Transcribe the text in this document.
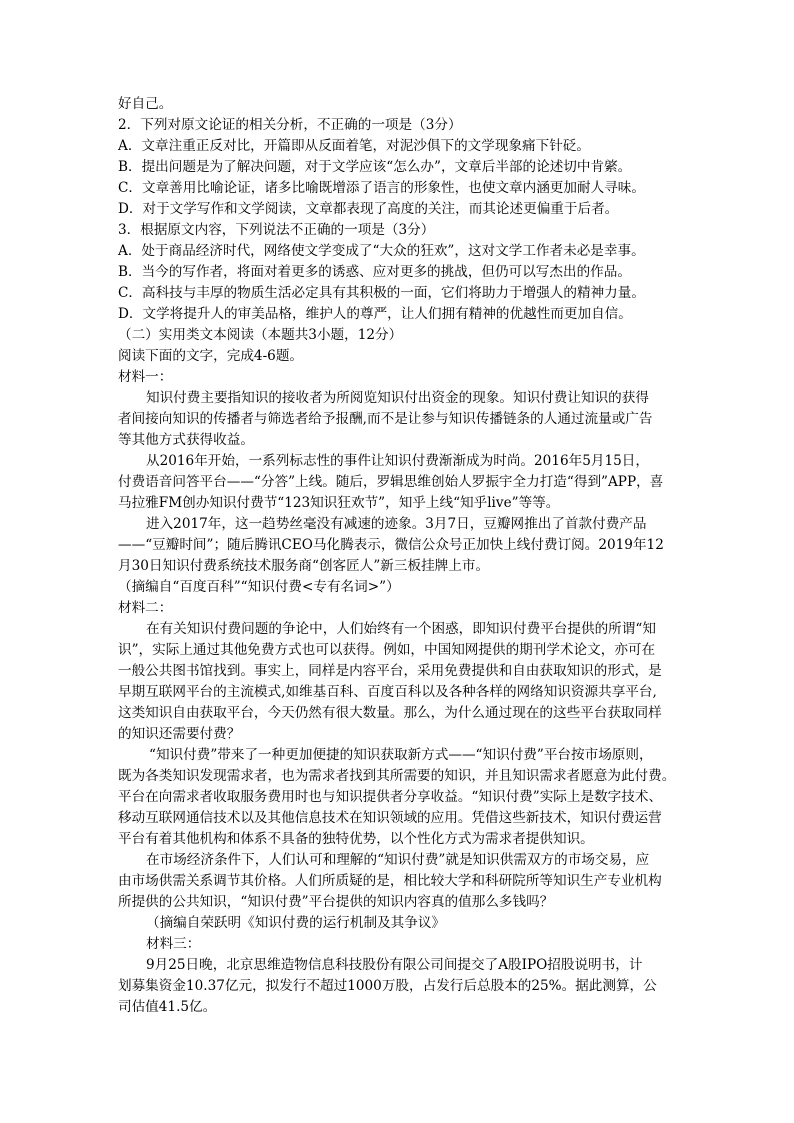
好自己。
2．下列对原文论证的相关分析，不正确的一项是（3分）
A．文章注重正反对比，开篇即从反面着笔，对泥沙俱下的文学现象痛下针砭。
B．提出问题是为了解决问题，对于文学应该“怎么办”，文章后半部的论述切中肯綮。
C．文章善用比喻论证，诸多比喻既增添了语言的形象性，也使文章内涵更加耐人寻味。
D．对于文学写作和文学阅读，文章都表现了高度的关注，而其论述更偏重于后者。
3．根据原文内容，下列说法不正确的一项是（3分）
A．处于商品经济时代，网络使文学变成了“大众的狂欢”，这对文学工作者未必是幸事。
B．当今的写作者，将面对着更多的诱惑、应对更多的挑战，但仍可以写杰出的作品。
C．高科技与丰厚的物质生活必定具有其积极的一面，它们将助力于增强人的精神力量。
D．文学将提升人的审美品格，维护人的尊严，让人们拥有精神的优越性而更加自信。
（二）实用类文本阅读（本题共3小题，12分）
阅读下面的文字，完成4-6题。
材料一：
知识付费主要指知识的接收者为所阅览知识付出资金的现象。知识付费让知识的获得
者间接向知识的传播者与筛选者给予报酬,而不是让参与知识传播链条的人通过流量或广告
等其他方式获得收益。
从2016年开始，一系列标志性的事件让知识付费渐渐成为时尚。2016年5月15日，
付费语音问答平台——“分答”上线。随后，罗辑思维创始人罗振宇全力打造“得到”APP，喜
马拉雅FM创办知识付费节“123知识狂欢节”，知乎上线“知乎live”等等。
进入2017年，这一趋势丝毫没有减速的迹象。3月7日，豆瓣网推出了首款付费产品
——“豆瓣时间”；随后腾讯CEO马化腾表示，微信公众号正加快上线付费订阅。2019年12
月30日知识付费系统技术服务商“创客匠人”新三板挂牌上市。
（摘编自“百度百科”“知识付费<专有名词>”）
材料二：
在有关知识付费问题的争论中，人们始终有一个困惑，即知识付费平台提供的所谓“知
识”，实际上通过其他免费方式也可以获得。例如，中国知网提供的期刊学术论文，亦可在
一般公共图书馆找到。事实上，同样是内容平台，采用免费提供和自由获取知识的形式，是
早期互联网平台的主流模式,如维基百科、百度百科以及各种各样的网络知识资源共享平台,
这类知识自由获取平台，今天仍然有很大数量。那么，为什么通过现在的这些平台获取同样
的知识还需要付费？
“知识付费”带来了一种更加便捷的知识获取新方式——“知识付费”平台按市场原则，
既为各类知识发现需求者，也为需求者找到其所需要的知识，并且知识需求者愿意为此付费。
平台在向需求者收取服务费用时也与知识提供者分享收益。“知识付费”实际上是数字技术、
移动互联网通信技术以及其他信息技术在知识领域的应用。凭借这些新技术，知识付费运营
平台有着其他机构和体系不具备的独特优势，以个性化方式为需求者提供知识。
在市场经济条件下，人们认可和理解的“知识付费”就是知识供需双方的市场交易，应
由市场供需关系调节其价格。人们所质疑的是，相比较大学和科研院所等知识生产专业机构
所提供的公共知识，“知识付费”平台提供的知识内容真的值那么多钱吗？
（摘编自荣跃明《知识付费的运行机制及其争议》
材料三：
9月25日晚，北京思维造物信息科技股份有限公司间提交了A股IPO招股说明书，计
划募集资金10.37亿元，拟发行不超过1000万股，占发行后总股本的25%。据此测算，公
司估值41.5亿。
